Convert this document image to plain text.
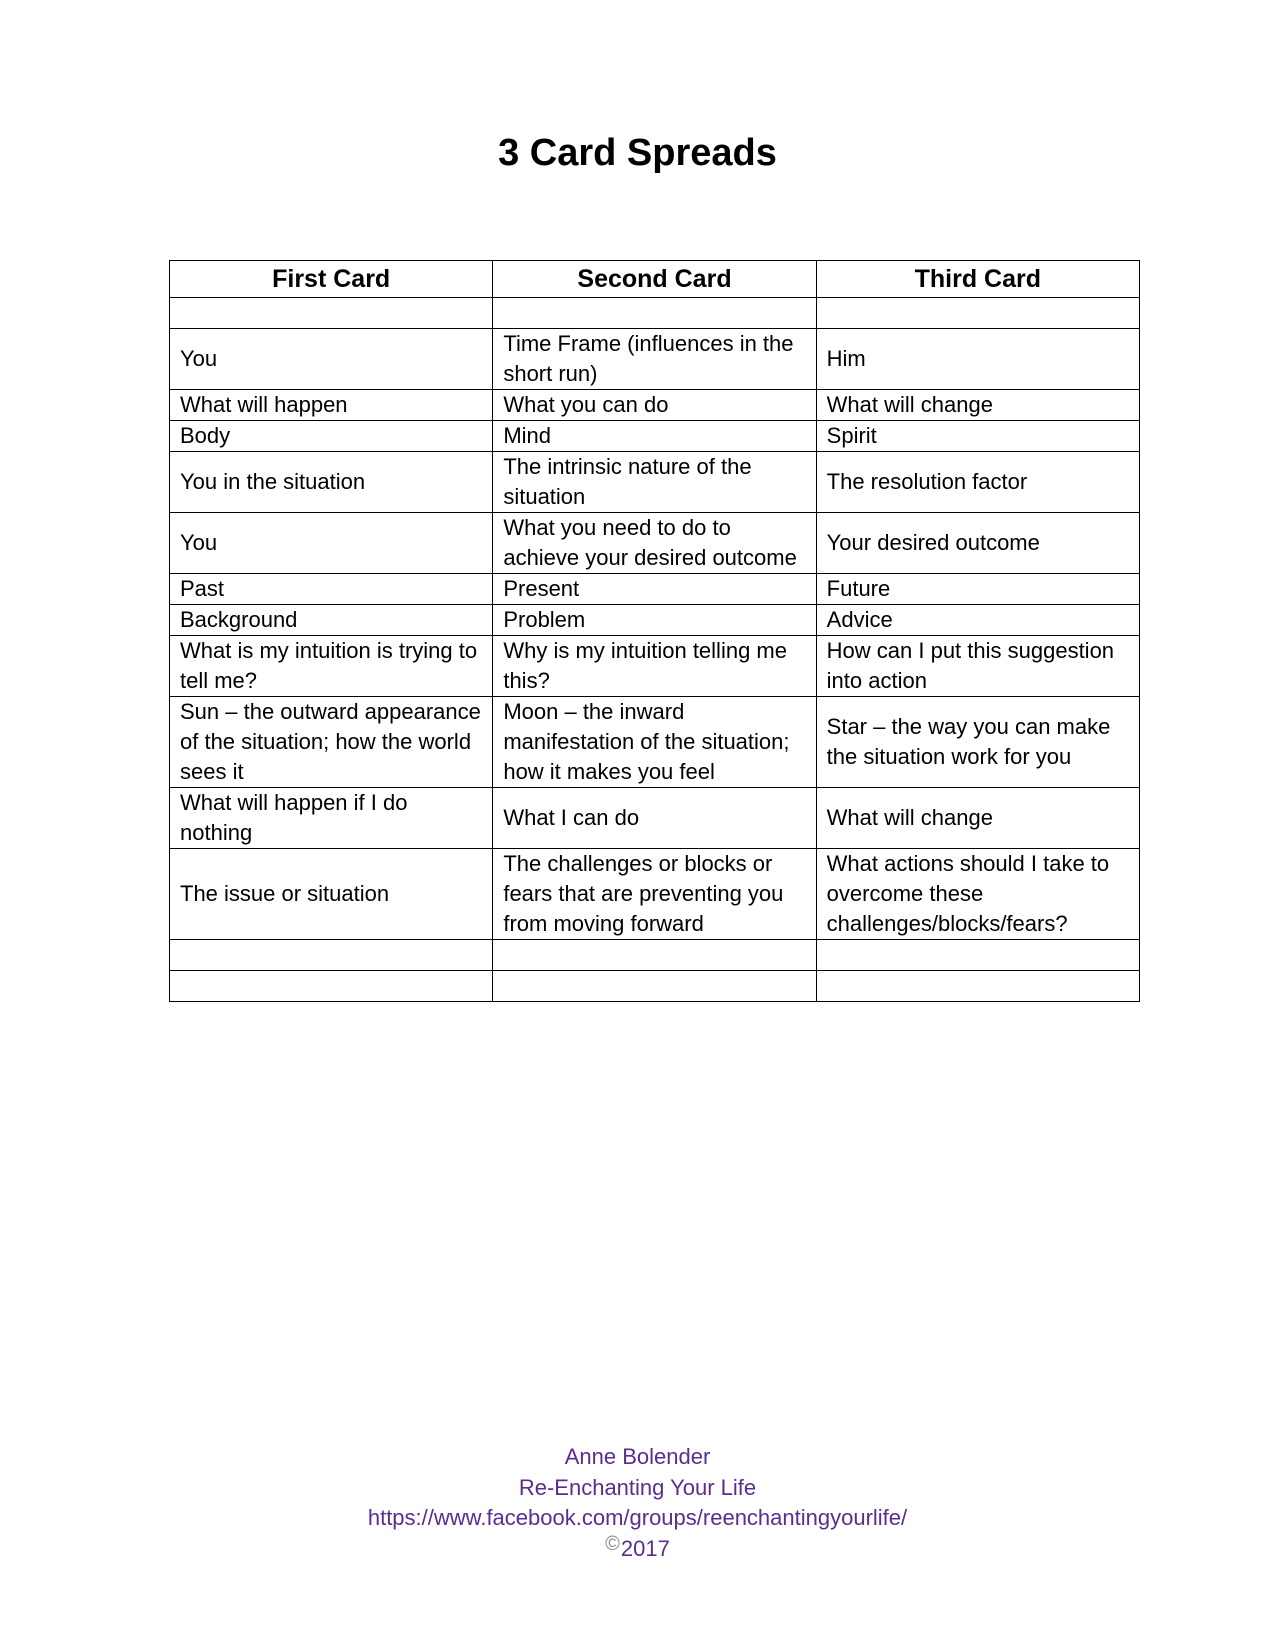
3 Card Spreads
First Card	Second Card	Third Card

You	Time Frame (influences in the short run)	Him
What will happen	What you can do	What will change
Body	Mind	Spirit
You in the situation	The intrinsic nature of the situation	The resolution factor
You	What you need to do to achieve your desired outcome	Your desired outcome
Past	Present	Future
Background	Problem	Advice
What is my intuition is trying to tell me?	Why is my intuition telling me this?	How can I put this suggestion into action
Sun – the outward appearance of the situation; how the world sees it	Moon – the inward manifestation of the situation; how it makes you feel	Star – the way you can make the situation work for you
What will happen if I do nothing	What I can do	What will change
The issue or situation	The challenges or blocks or fears that are preventing you from moving forward	What actions should I take to overcome these challenges/blocks/fears?

Anne Bolender
Re-Enchanting Your Life
https://www.facebook.com/groups/reenchantingyourlife/
©2017
